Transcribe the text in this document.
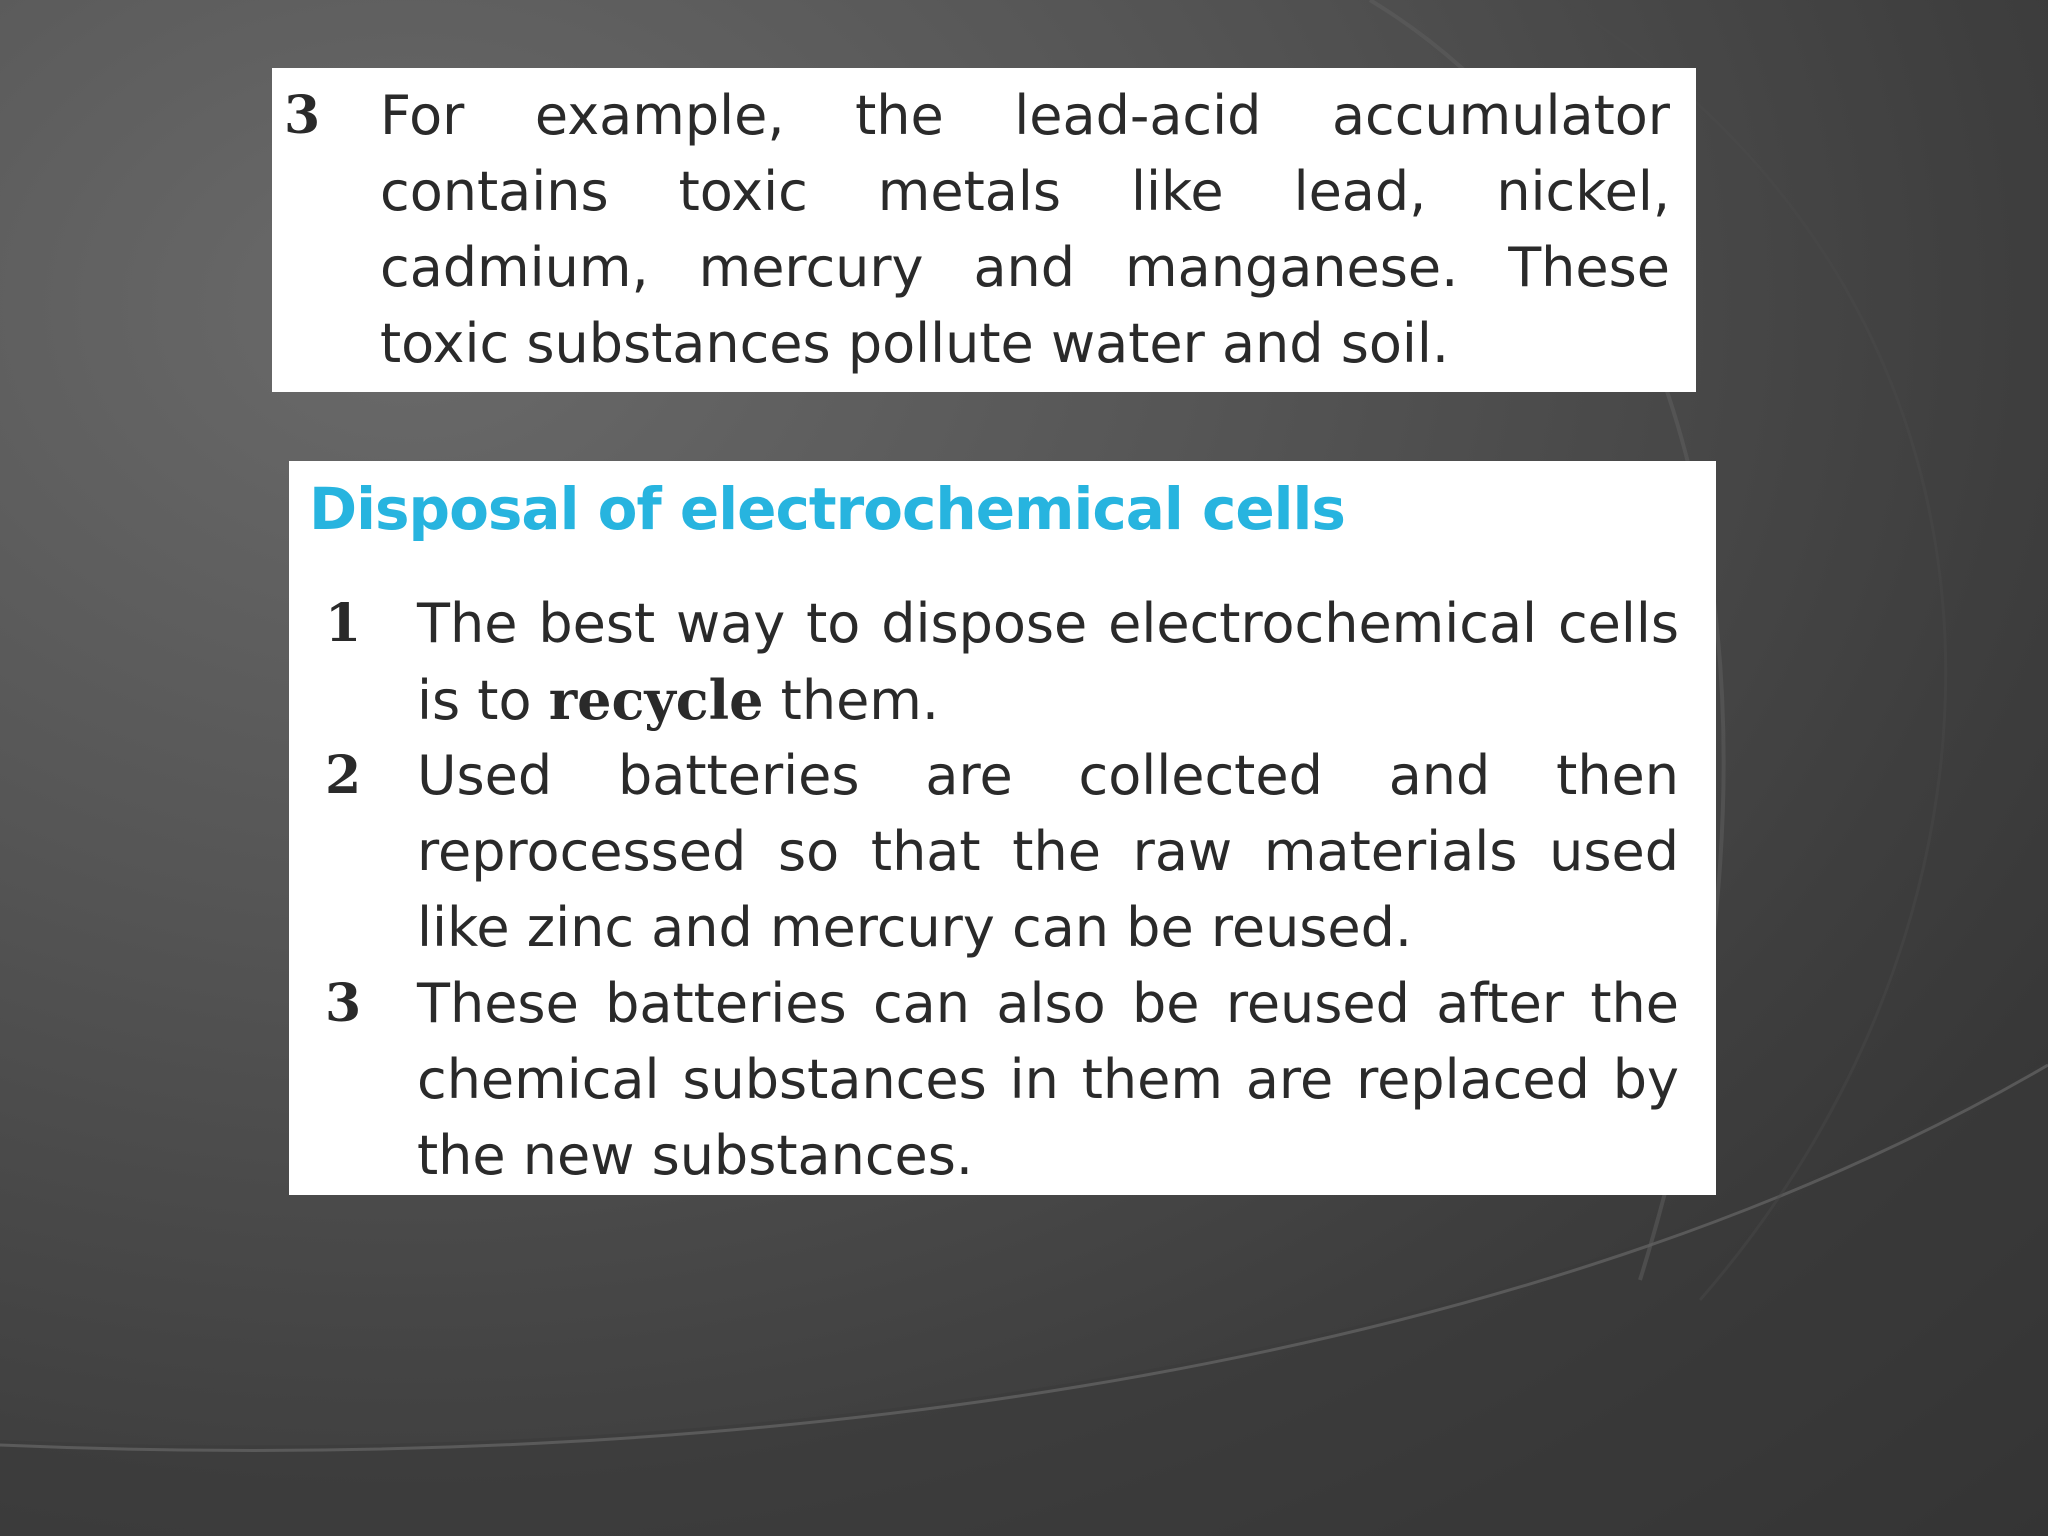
3	For example, the lead-acid accumulator contains toxic metals like lead, nickel, cadmium, mercury and manganese. These toxic substances pollute water and soil.
Disposal of electrochemical cells
1	The best way to dispose electrochemical cells is to recycle them.
2	Used batteries are collected and then reprocessed so that the raw materials used like zinc and mercury can be reused.
3	These batteries can also be reused after the chemical substances in them are replaced by the new substances.
